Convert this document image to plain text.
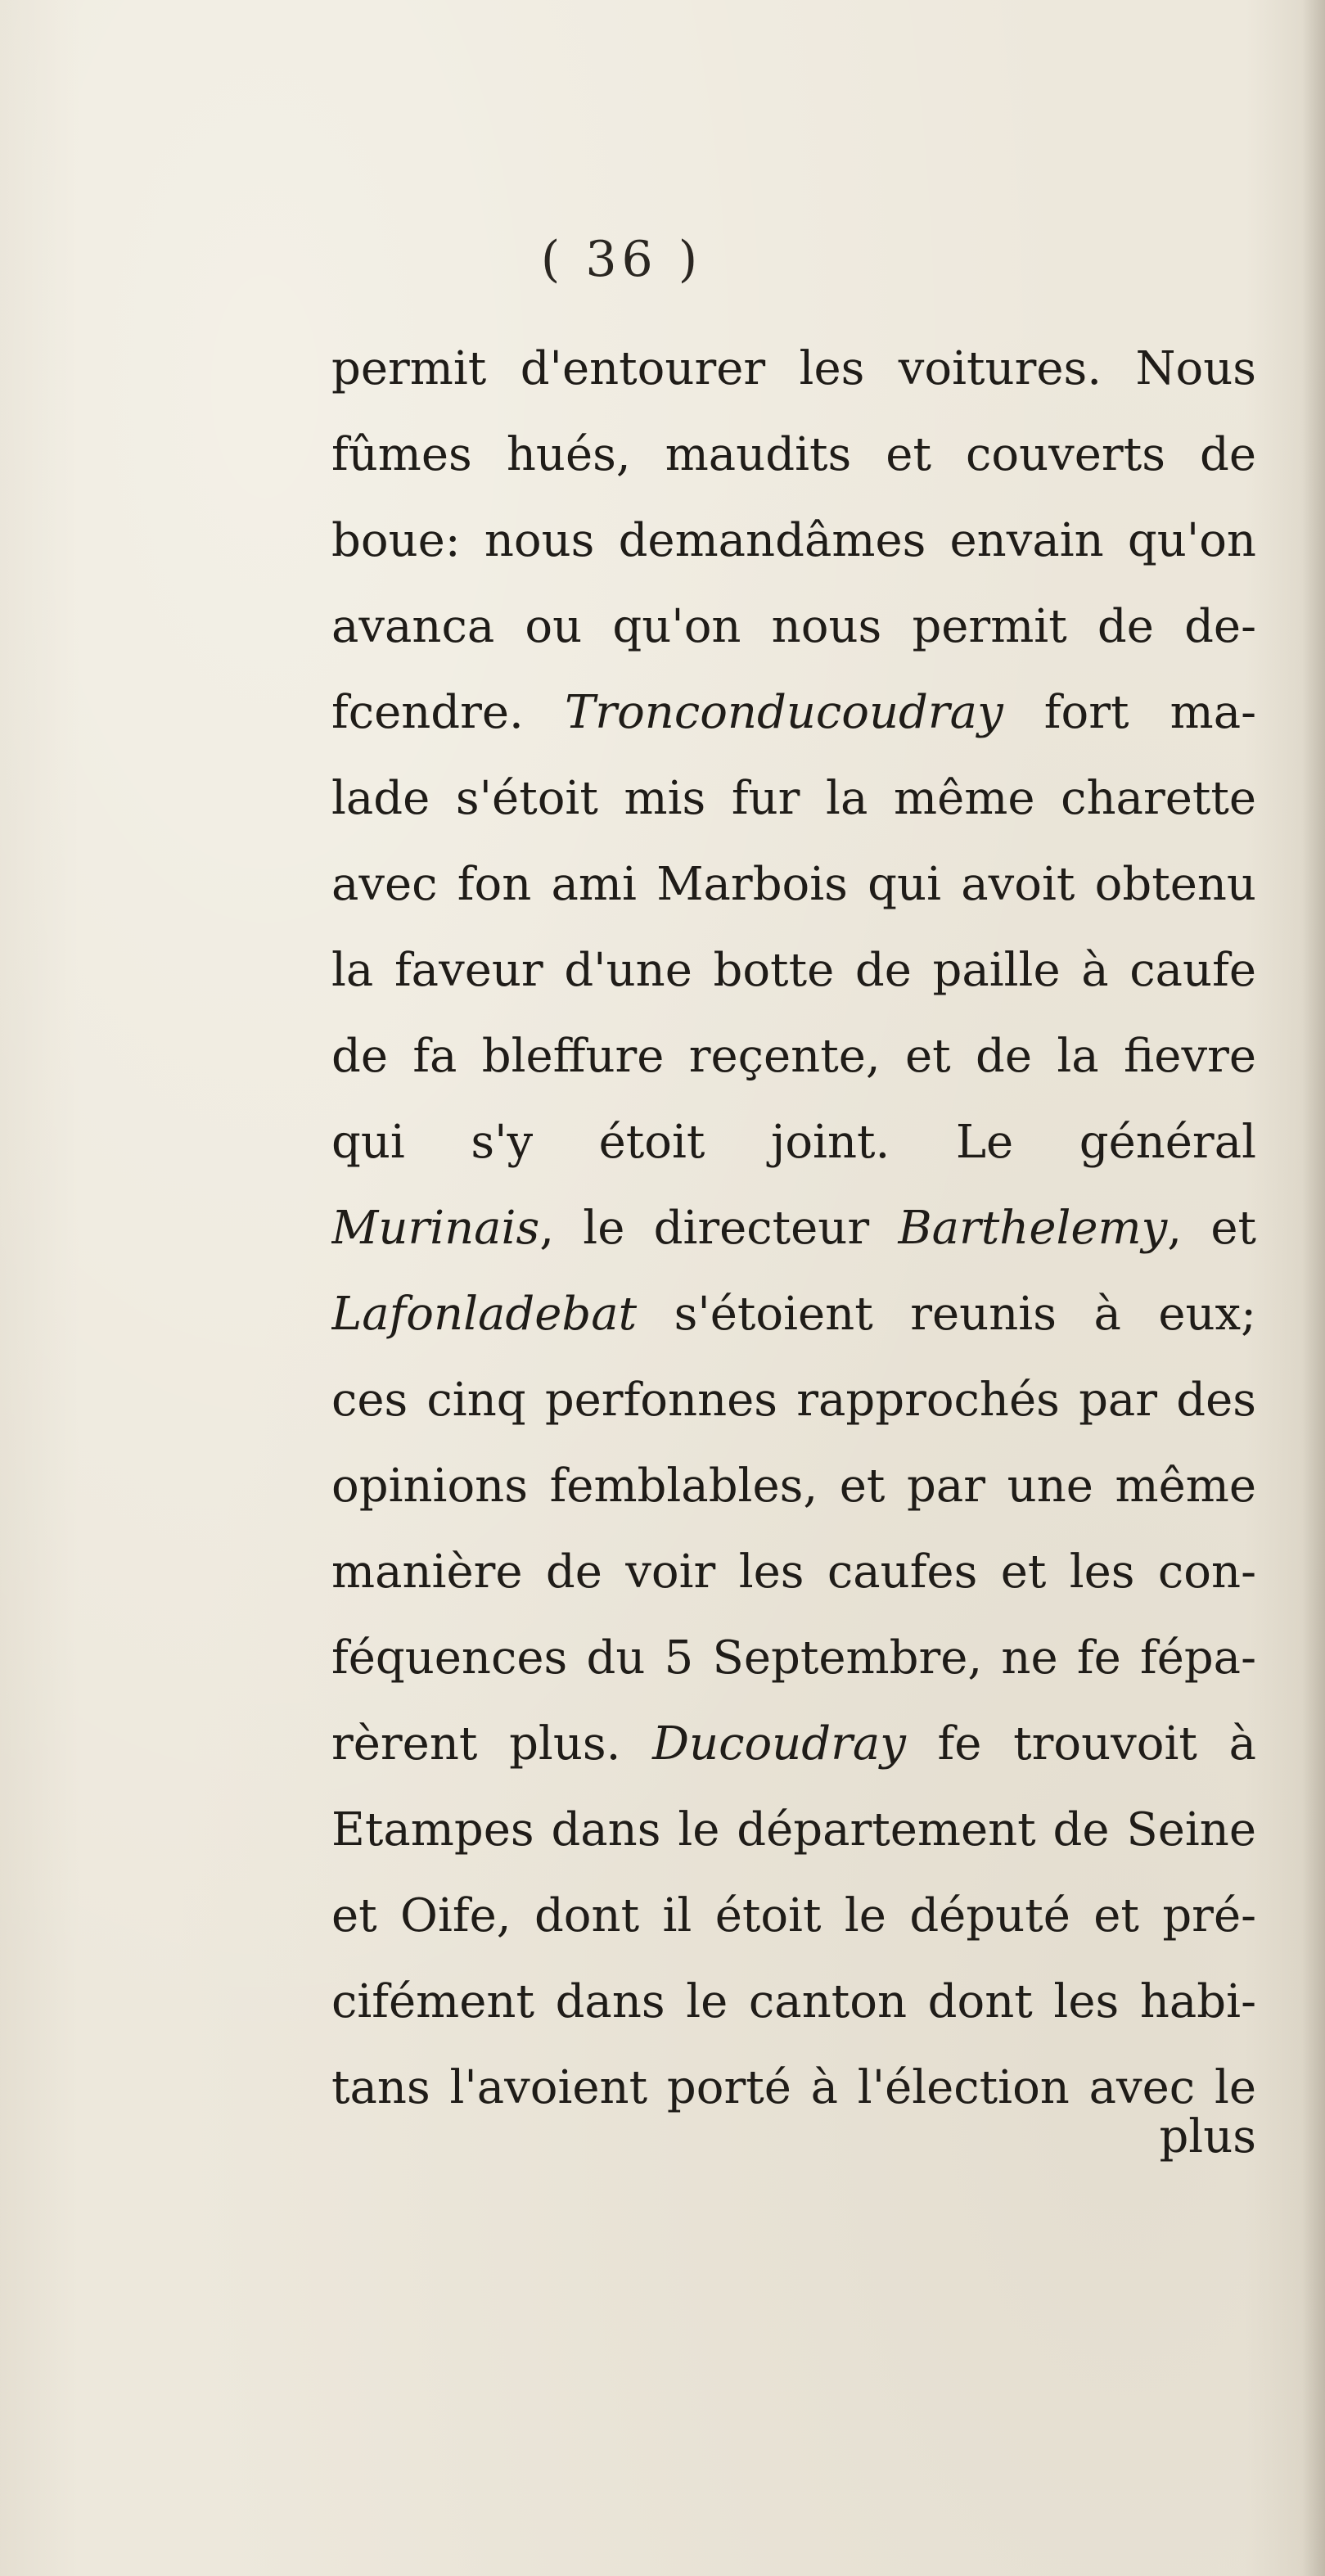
( 36 )
permit d'entourer les voitures. Nous
fûmes hués, maudits et couverts de
boue: nous demandâmes envain qu'on
avanca ou qu'on nous permit de de-
fcendre. Tronconducoudray fort ma-
lade s'étoit mis fur la même charette
avec fon ami Marbois qui avoit obtenu
la faveur d'une botte de paille à caufe
de fa bleffure reçente, et de la fievre
qui s'y étoit joint. Le général
Murinais, le directeur Barthelemy, et
Lafonladebat s'étoient reunis à eux;
ces cinq perfonnes rapprochés par des
opinions femblables, et par une même
manière de voir les caufes et les con-
féquences du 5 Septembre, ne fe fépa-
rèrent plus. Ducoudray fe trouvoit à
Etampes dans le département de Seine
et Oife, dont il étoit le député et pré-
cifément dans le canton dont les habi-
tans l'avoient porté à l'élection avec le
plus
